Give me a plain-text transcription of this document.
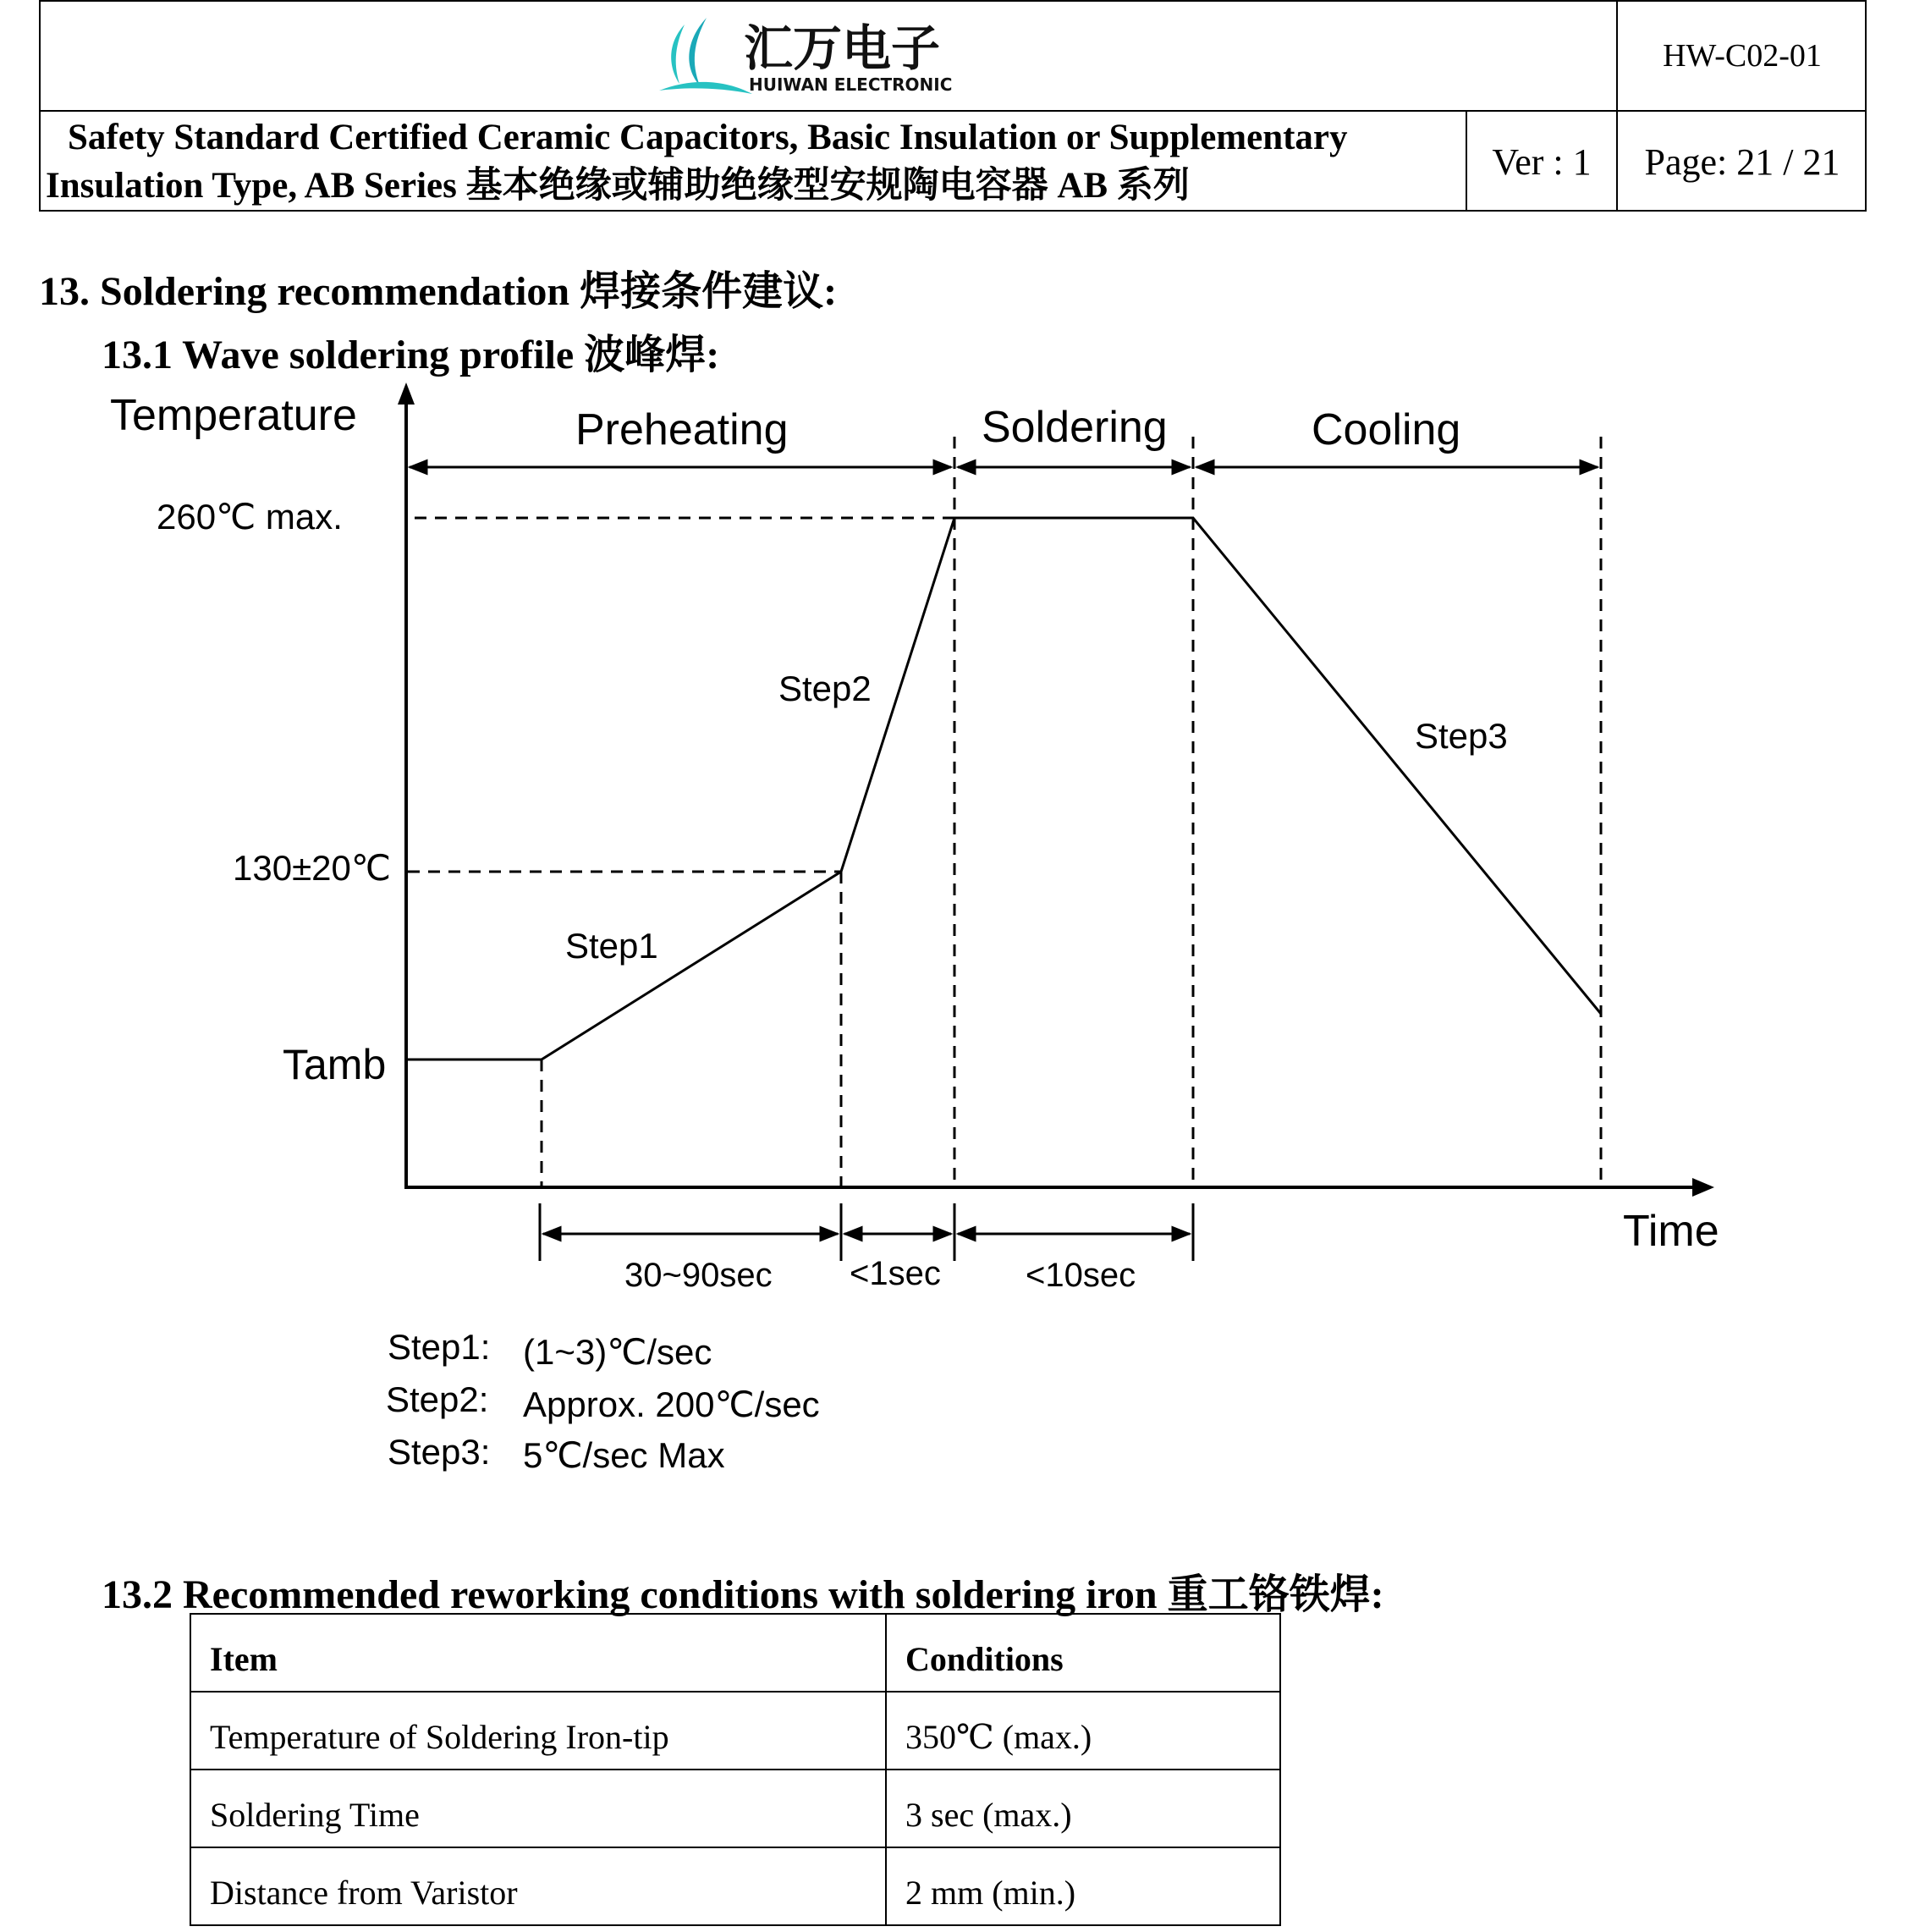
汇万电子
HUIWAN ELECTRONIC
HW-C02-01
Safety Standard Certified Ceramic Capacitors, Basic Insulation or Supplementary
Insulation Type, AB Series 基本绝缘或辅助绝缘型安规陶电容器 AB 系列
Ver : 1	Page: 21 / 21
13. Soldering recommendation 焊接条件建议:
13.1 Wave soldering profile 波峰焊:
Temperature
Time
260℃ max.
130±20℃
Tamb
Preheating	Soldering	Cooling
Step1
Step2
Step3
30~90sec <1sec	<10sec
Step1: (1~3)℃/sec
Step2: Approx. 200℃/sec
Step3: 5℃/sec Max
13.2 Recommended reworking conditions with soldering iron 重工铬铁焊:
Item	Conditions
Temperature of Soldering Iron-tip	350℃ (max.)
Soldering Time	3 sec (max.)
Distance from Varistor	2 mm (min.)
